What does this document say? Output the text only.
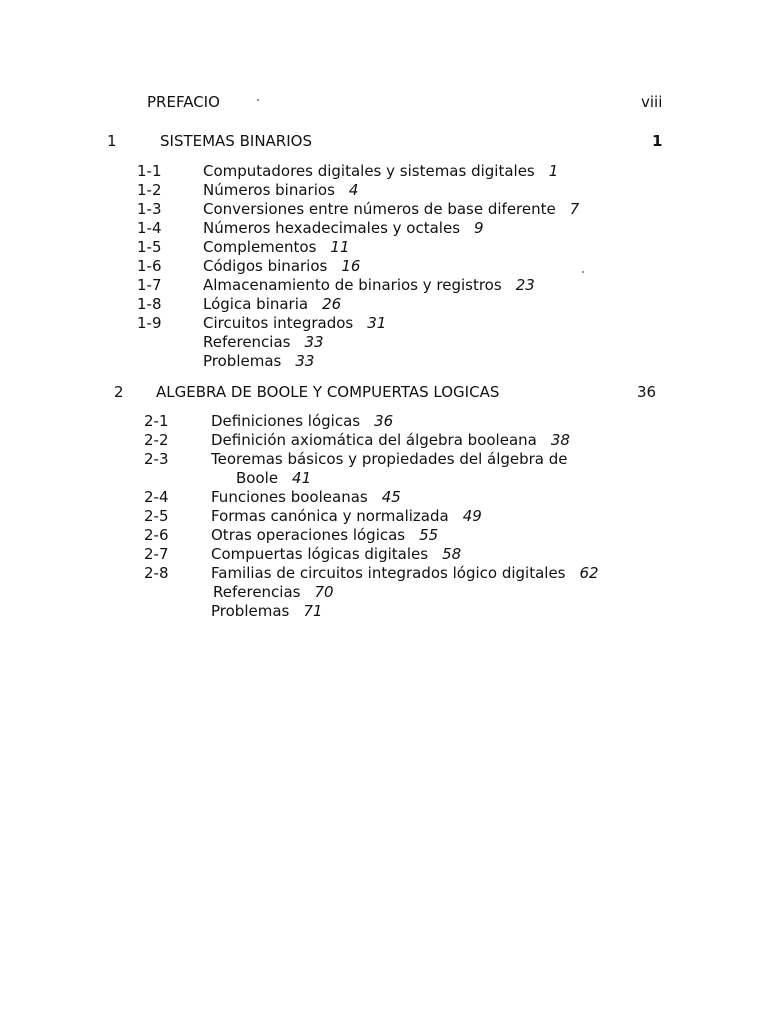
PREFACIO	viii
1	SISTEMAS BINARIOS	1
1-1	Computadores digitales y sistemas digitales 1
1-2	Números binarios 4
1-3	Conversiones entre números de base diferente 7
1-4	Números hexadecimales y octales 9
1-5	Complementos 11
1-6	Códigos binarios 16
1-7	Almacenamiento de binarios y registros 23
1-8	Lógica binaria 26
1-9	Circuitos integrados 31
Referencias 33
Problemas 33
2 ALGEBRA DE BOOLE Y COMPUERTAS LOGICAS	36
2-1	Definiciones lógicas 36
2-2	Definición axiomática del álgebra booleana 38
2-3	Teoremas básicos y propiedades del álgebra de
Boole 41
2-4	Funciones booleanas 45
2-5	Formas canónica y normalizada 49
2-6	Otras operaciones lógicas 55
2-7	Compuertas lógicas digitales 58
2-8	Familias de circuitos integrados lógico digitales 62
Referencias 70
Problemas 71
